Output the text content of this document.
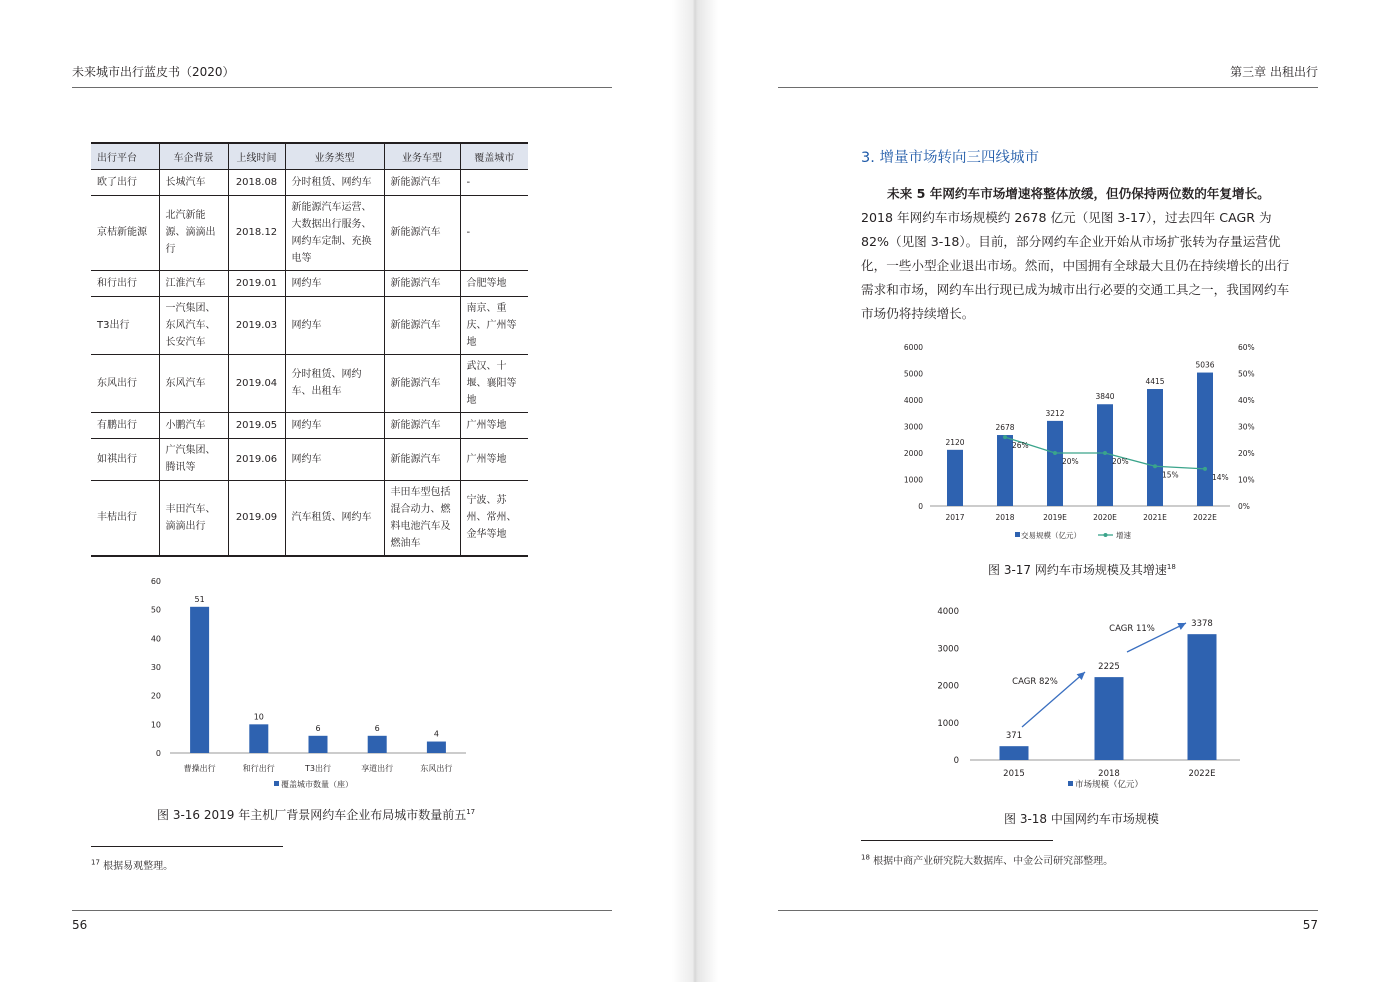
未来城市出行蓝皮书（2020）
出行平台	车企背景	上线时间	业务类型	业务车型	覆盖城市
欧了出行	长城汽车	2018.08	分时租赁、网约车	新能源汽车	-
京桔新能源	北汽新能源、滴滴出行	2018.12	新能源汽车运营、大数据出行服务、网约车定制、充换电等	新能源汽车	-
和行出行	江淮汽车	2019.01	网约车	新能源汽车	合肥等地
T3出行	一汽集团、东风汽车、长安汽车	2019.03	网约车	新能源汽车	南京、重庆、广州等地
东风出行	东风汽车	2019.04	分时租赁、网约车、出租车	新能源汽车	武汉、十堰、襄阳等地
有鹏出行	小鹏汽车	2019.05	网约车	新能源汽车	广州等地
如祺出行	广汽集团、腾讯等	2019.06	网约车	新能源汽车	广州等地
丰桔出行	丰田汽车、滴滴出行	2019.09	汽车租赁、网约车	丰田车型包括混合动力、燃料电池汽车及燃油车	宁波、苏州、常州、金华等地
0
10
20
30
40
50
60
51
曹操出行
10
和行出行
6
T3出行
6
享道出行
4
东风出行
覆盖城市数量（座）
图 3-16 2019 年主机厂背景网约车企业布局城市数量前五$^{17}$
$^{17}$ 根据易观整理。
56
第三章 出租出行
57
3. 增量市场转向三四线城市

未来 5 年网约车市场增速将整体放缓，但仍保持两位数的年复增长。2018 年网约车市场规模约 2678 亿元（见图 3-17），过去四年 CAGR 为 82%（见图 3-18）。目前，部分网约车企业开始从市场扩张转为存量运营优化，一些小型企业退出市场。然而，中国拥有全球最大且仍在持续增长的出行需求和市场，网约车出行现已成为城市出行必要的交通工具之一，我国网约车市场仍将持续增长。

0
1000
2000
3000
4000
5000
6000
0%
10%
20%
30%
40%
50%
60%
2120
2017
2678
2018
3212
2019E
3840
2020E
4415
2021E
5036
2022E
26%
20%	20%
15%	14%
交易规模（亿元）	增速
图 3-17 网约车市场规模及其增速$^{18}$
0
1000
2000
3000
4000
371
2015
2225
2018
3378
2022E
CAGR 82%
CAGR 11%
市场规模（亿元）
图 3-18 中国网约车市场规模
$^{18}$ 根据中商产业研究院大数据库、中金公司研究部整理。
